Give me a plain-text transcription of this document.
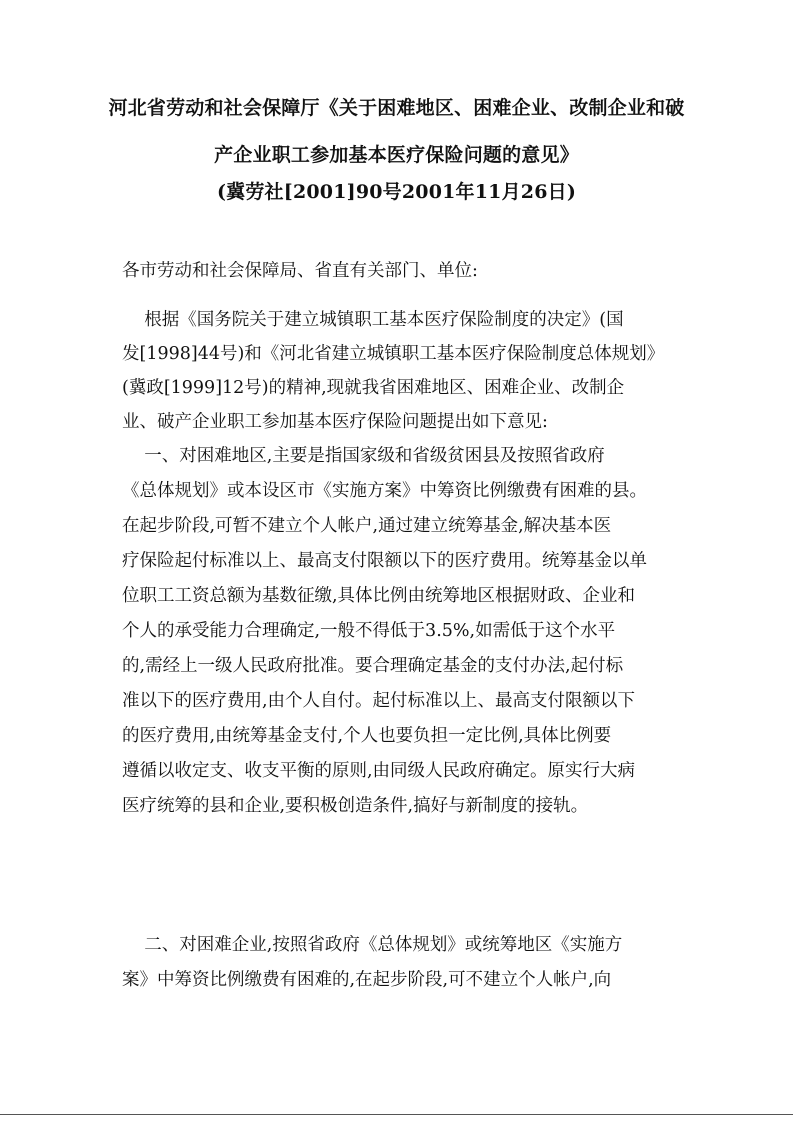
河北省劳动和社会保障厅《关于困难地区、困难企业、改制企业和破
产企业职工参加基本医疗保险问题的意见》
(冀劳社[2001]90号2001年11月26日)
各市劳动和社会保障局、省直有关部门、单位:
根据《国务院关于建立城镇职工基本医疗保险制度的决定》(国
发[1998]44号)和《河北省建立城镇职工基本医疗保险制度总体规划》
(冀政[1999]12号)的精神,现就我省困难地区、困难企业、改制企
业、破产企业职工参加基本医疗保险问题提出如下意见:
一、对困难地区,主要是指国家级和省级贫困县及按照省政府
《总体规划》或本设区市《实施方案》中筹资比例缴费有困难的县。
在起步阶段,可暂不建立个人帐户,通过建立统筹基金,解决基本医
疗保险起付标准以上、最高支付限额以下的医疗费用。统筹基金以单
位职工工资总额为基数征缴,具体比例由统筹地区根据财政、企业和
个人的承受能力合理确定,一般不得低于3.5%,如需低于这个水平
的,需经上一级人民政府批准。要合理确定基金的支付办法,起付标
准以下的医疗费用,由个人自付。起付标准以上、最高支付限额以下
的医疗费用,由统筹基金支付,个人也要负担一定比例,具体比例要
遵循以收定支、收支平衡的原则,由同级人民政府确定。原实行大病
医疗统筹的县和企业,要积极创造条件,搞好与新制度的接轨。
二、对困难企业,按照省政府《总体规划》或统筹地区《实施方
案》中筹资比例缴费有困难的,在起步阶段,可不建立个人帐户,向
